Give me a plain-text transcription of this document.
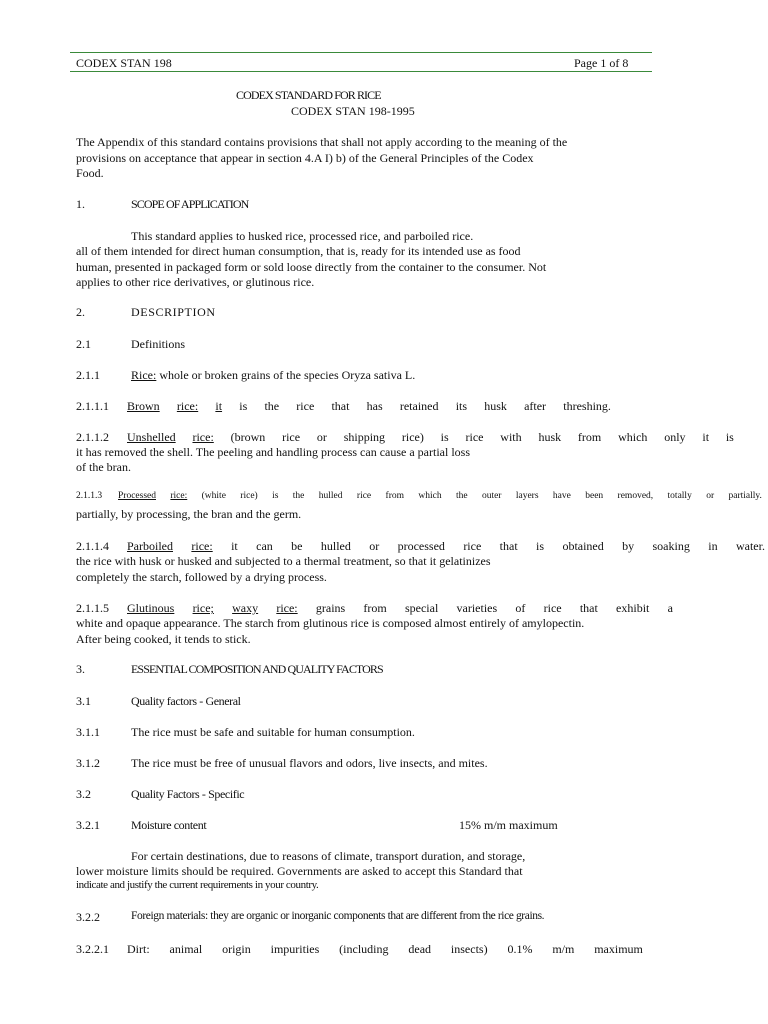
CODEX STAN 198	Page 1 of 8
CODEX STANDARD FOR RICE
CODEX STAN 198-1995
The Appendix of this standard contains provisions that shall not apply according to the meaning of the
provisions on acceptance that appear in section 4.A I) b) of the General Principles of the Codex
Food.
1.	SCOPE OF APPLICATION
This standard applies to husked rice, processed rice, and parboiled rice.
all of them intended for direct human consumption, that is, ready for its intended use as food
human, presented in packaged form or sold loose directly from the container to the consumer. Not
applies to other rice derivatives, or glutinous rice.
2.	DESCRIPTION
2.1	Definitions
2.1.1	Rice: whole or broken grains of the species Oryza sativa L.
2.1.1.1 Brown rice: it is the rice that has retained its husk after threshing.
2.1.1.2 Unshelled rice: (brown rice or shipping rice) is rice with husk from which only it is
it has removed the shell. The peeling and handling process can cause a partial loss
of the bran.
2.1.1.3 Processed rice: (white rice) is the hulled rice from which the outer layers have been removed, totally or partially.
partially, by processing, the bran and the germ.
2.1.1.4 Parboiled rice: it can be hulled or processed rice that is obtained by soaking in water.
the rice with husk or husked and subjected to a thermal treatment, so that it gelatinizes
completely the starch, followed by a drying process.
2.1.1.5 Glutinous rice; waxy rice: grains from special varieties of rice that exhibit a
white and opaque appearance. The starch from glutinous rice is composed almost entirely of amylopectin.
After being cooked, it tends to stick.
3.	ESSENTIAL COMPOSITION AND QUALITY FACTORS
3.1	Quality factors - General
3.1.1	The rice must be safe and suitable for human consumption.
3.1.2	The rice must be free of unusual flavors and odors, live insects, and mites.
3.2	Quality Factors - Specific
3.2.1	Moisture content	15% m/m maximum
For certain destinations, due to reasons of climate, transport duration, and storage,
lower moisture limits should be required. Governments are asked to accept this Standard that
indicate and justify the current requirements in your country.
3.2.2	Foreign materials: they are organic or inorganic components that are different from the rice grains.
3.2.2.1 Dirt: animal origin impurities (including dead insects) 0.1% m/m maximum
